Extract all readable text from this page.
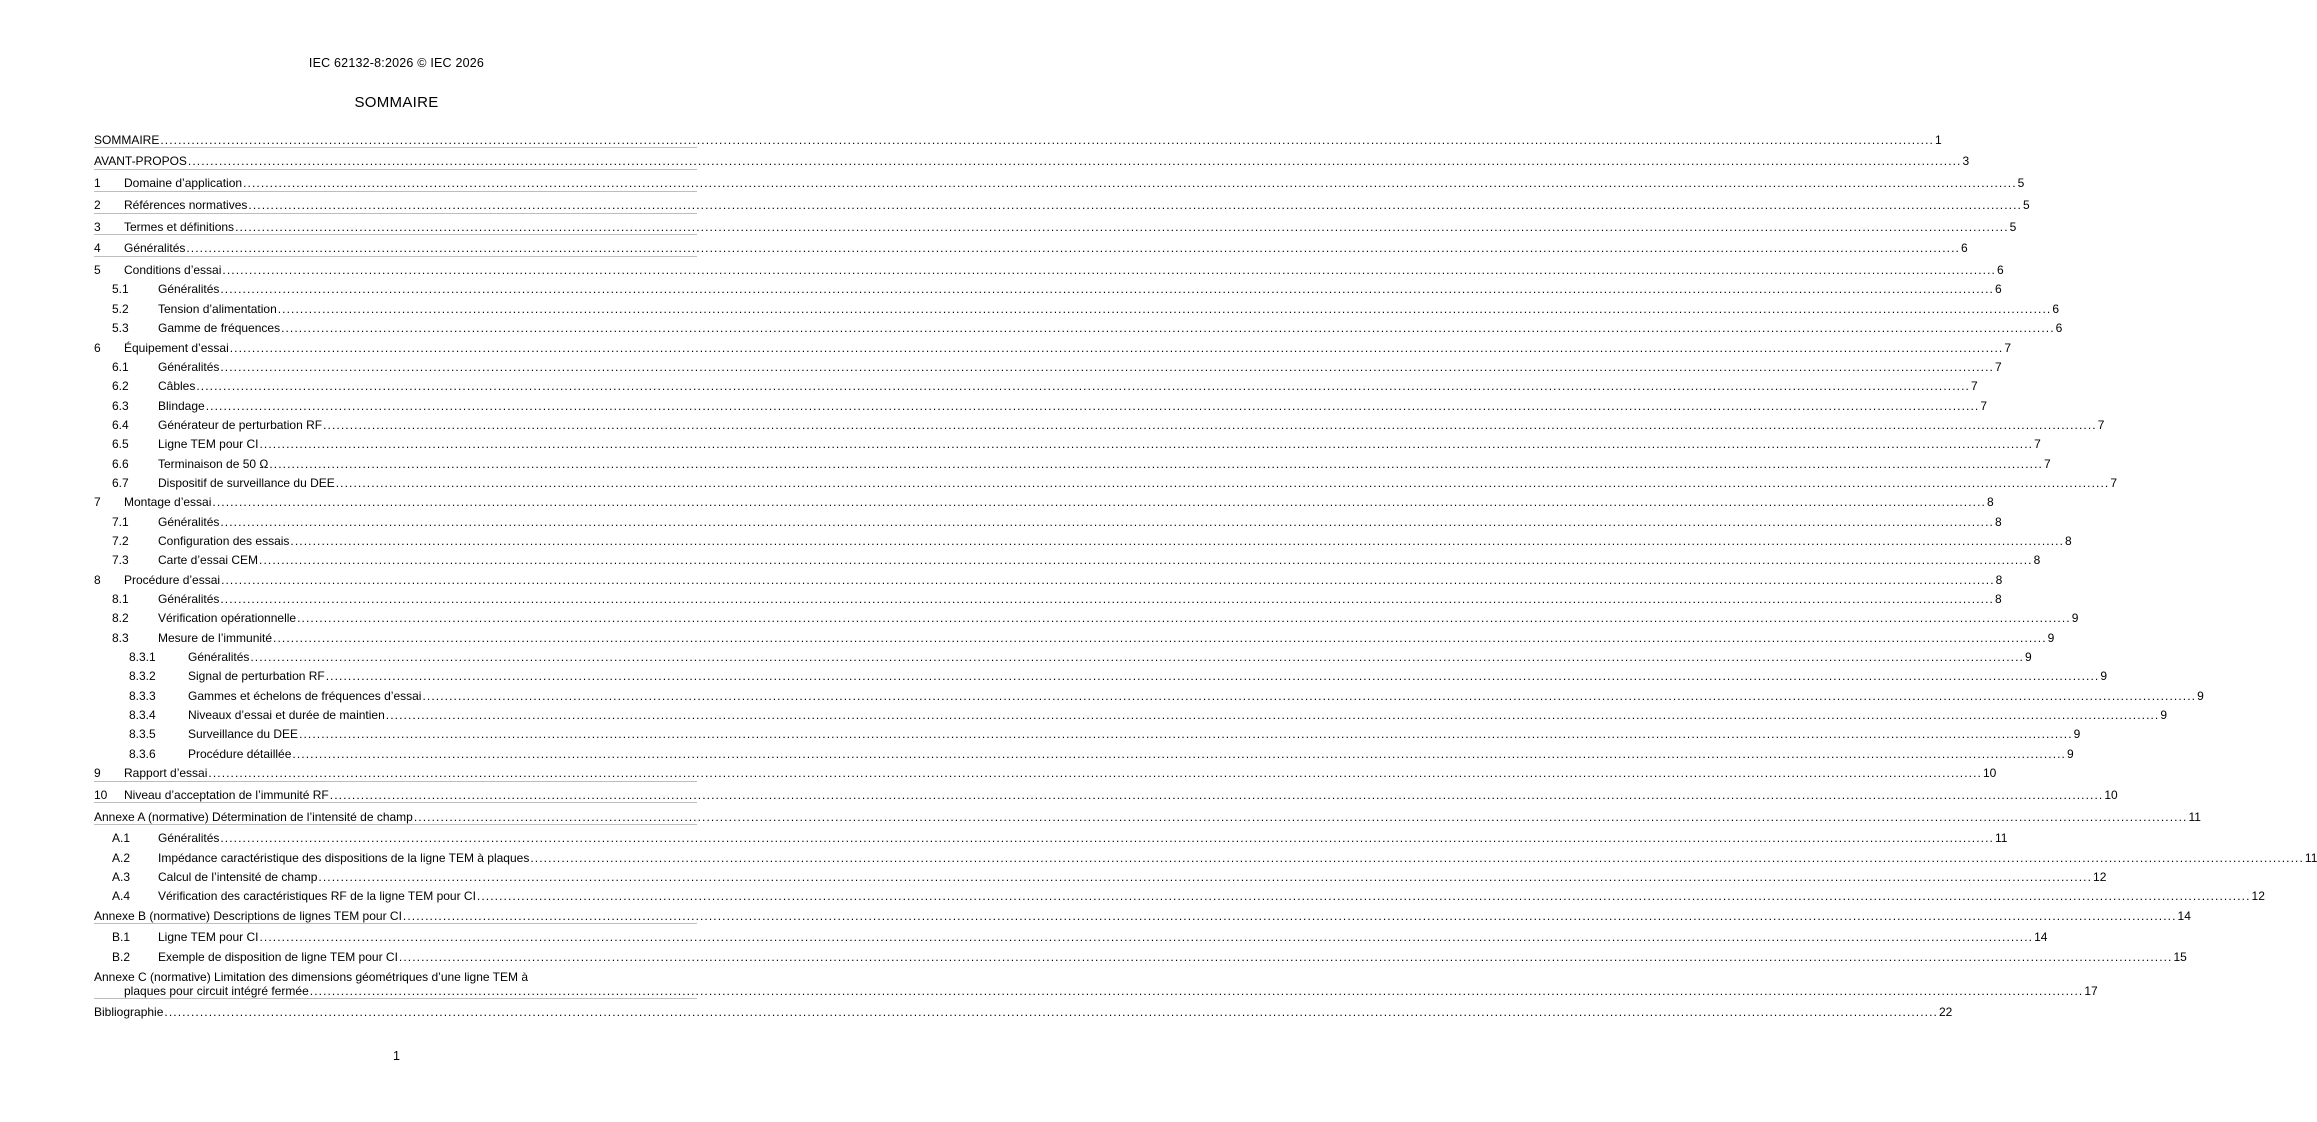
IEC 62132-8:2026 © IEC 2026
SOMMAIRE
SOMMAIRE ................................................................................................................................................................................................................................................................................................................................................................................................................ 1
AVANT-PROPOS ................................................................................................................................................................................................................................................................................................................................................................................................................ 3
1	Domaine d’application ................................................................................................................................................................................................................................................................................................................................................................................................................ 5
2	Références normatives ................................................................................................................................................................................................................................................................................................................................................................................................................ 5
3	Termes et définitions ................................................................................................................................................................................................................................................................................................................................................................................................................ 5
4	Généralités ................................................................................................................................................................................................................................................................................................................................................................................................................ 6
5	Conditions d’essai ................................................................................................................................................................................................................................................................................................................................................................................................................ 6
5.1	Généralités ................................................................................................................................................................................................................................................................................................................................................................................................................ 6
5.2	Tension d’alimentation ................................................................................................................................................................................................................................................................................................................................................................................................................ 6
5.3	Gamme de fréquences ................................................................................................................................................................................................................................................................................................................................................................................................................ 6
6	Équipement d’essai ................................................................................................................................................................................................................................................................................................................................................................................................................ 7
6.1	Généralités ................................................................................................................................................................................................................................................................................................................................................................................................................ 7
6.2	Câbles ................................................................................................................................................................................................................................................................................................................................................................................................................ 7
6.3	Blindage ................................................................................................................................................................................................................................................................................................................................................................................................................ 7
6.4	Générateur de perturbation RF ................................................................................................................................................................................................................................................................................................................................................................................................................ 7
6.5	Ligne TEM pour CI ................................................................................................................................................................................................................................................................................................................................................................................................................ 7
6.6	Terminaison de 50 Ω ................................................................................................................................................................................................................................................................................................................................................................................................................ 7
6.7	Dispositif de surveillance du DEE ................................................................................................................................................................................................................................................................................................................................................................................................................ 7
7	Montage d’essai ................................................................................................................................................................................................................................................................................................................................................................................................................ 8
7.1	Généralités ................................................................................................................................................................................................................................................................................................................................................................................................................ 8
7.2	Configuration des essais ................................................................................................................................................................................................................................................................................................................................................................................................................ 8
7.3	Carte d’essai CEM ................................................................................................................................................................................................................................................................................................................................................................................................................ 8
8	Procédure d’essai ................................................................................................................................................................................................................................................................................................................................................................................................................ 8
8.1	Généralités ................................................................................................................................................................................................................................................................................................................................................................................................................ 8
8.2	Vérification opérationnelle ................................................................................................................................................................................................................................................................................................................................................................................................................ 9
8.3	Mesure de l’immunité ................................................................................................................................................................................................................................................................................................................................................................................................................ 9
8.3.1	Généralités ................................................................................................................................................................................................................................................................................................................................................................................................................ 9
8.3.2	Signal de perturbation RF ................................................................................................................................................................................................................................................................................................................................................................................................................ 9
8.3.3	Gammes et échelons de fréquences d’essai ................................................................................................................................................................................................................................................................................................................................................................................................................ 9
8.3.4	Niveaux d’essai et durée de maintien ................................................................................................................................................................................................................................................................................................................................................................................................................ 9
8.3.5	Surveillance du DEE ................................................................................................................................................................................................................................................................................................................................................................................................................ 9
8.3.6	Procédure détaillée ................................................................................................................................................................................................................................................................................................................................................................................................................ 9
9	Rapport d’essai ................................................................................................................................................................................................................................................................................................................................................................................................................ 10
10	Niveau d’acceptation de l’immunité RF ................................................................................................................................................................................................................................................................................................................................................................................................................ 10
Annexe A (normative) Détermination de l’intensité de champ ................................................................................................................................................................................................................................................................................................................................................................................................................ 11
A.1	Généralités ................................................................................................................................................................................................................................................................................................................................................................................................................ 11
A.2	Impédance caractéristique des dispositions de la ligne TEM à plaques ................................................................................................................................................................................................................................................................................................................................................................................................................ 11
A.3	Calcul de l’intensité de champ ................................................................................................................................................................................................................................................................................................................................................................................................................ 12
A.4	Vérification des caractéristiques RF de la ligne TEM pour CI ................................................................................................................................................................................................................................................................................................................................................................................................................ 12
Annexe B (normative) Descriptions de lignes TEM pour CI ................................................................................................................................................................................................................................................................................................................................................................................................................ 14
B.1	Ligne TEM pour CI ................................................................................................................................................................................................................................................................................................................................................................................................................ 14
B.2	Exemple de disposition de ligne TEM pour CI ................................................................................................................................................................................................................................................................................................................................................................................................................ 15
Annexe C (normative) Limitation des dimensions géométriques d’une ligne TEM à
plaques pour circuit intégré fermée ................................................................................................................................................................................................................................................................................................................................................................................................................ 17
Bibliographie ................................................................................................................................................................................................................................................................................................................................................................................................................ 22
1
